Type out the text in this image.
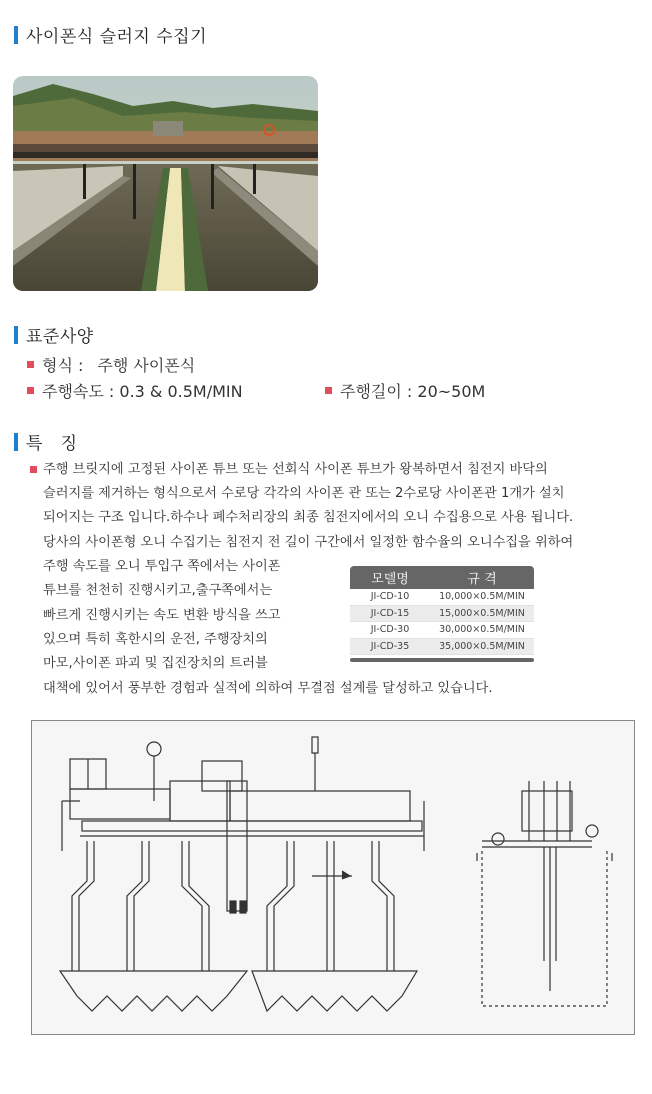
사이폰식 슬러지 수집기
표준사양
형식 : 주행 사이폰식
주행속도 : 0.3 & 0.5M/MIN	주행길이 : 20~50M
특   징
주행 브릿지에 고정된 사이폰 튜브 또는 선회식 사이폰 튜브가 왕복하면서 침전지 바닥의
슬러지를 제거하는 형식으로서 수로당 각각의 사이폰 관 또는 2수로당 사이폰관 1개가 설치
되어지는 구조 입니다.하수나 폐수처리장의 최종 침전지에서의 오니 수집용으로 사용 됩니다.
당사의 사이폰형 오니 수집기는 침전지 전 길이 구간에서 일정한 함수율의 오니수집을 위하여
주행 속도를 오니 투입구 쪽에서는 사이폰
튜브를 천천히 진행시키고,출구쪽에서는
빠르게 진행시키는 속도 변환 방식을 쓰고
있으며 특히 혹한시의 운전, 주행장치의
마모,사이폰 파괴 및 집진장치의 트러블
대책에 있어서 풍부한 경험과 실적에 의하여 무결점 설계를 달성하고 있습니다.
모델명	규 격
JI-CD-10	10,000×0.5M/MIN
JI-CD-15	15,000×0.5M/MIN
JI-CD-30	30,000×0.5M/MIN
JI-CD-35	35,000×0.5M/MIN
